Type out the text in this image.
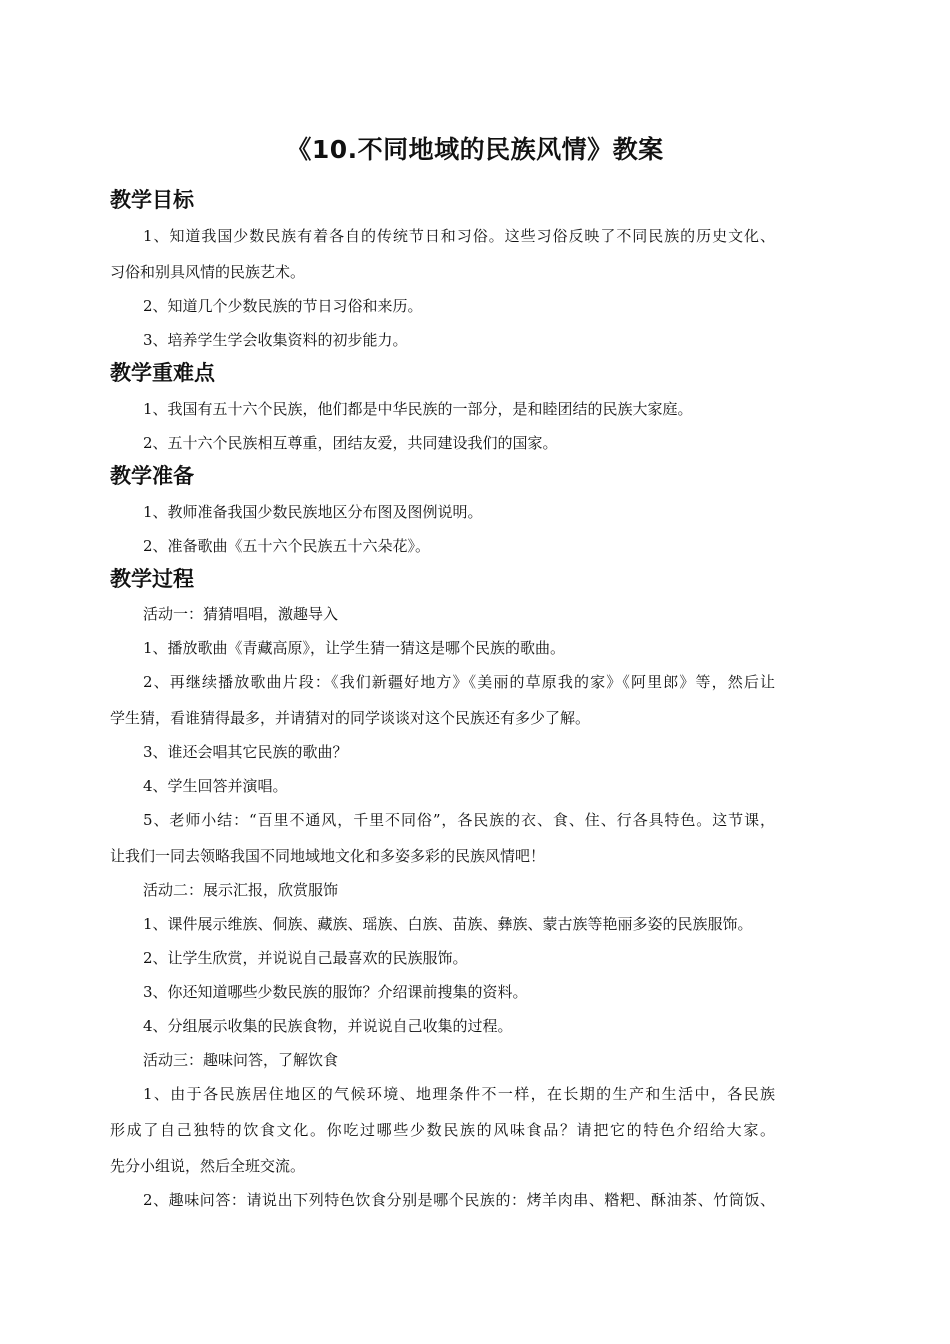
《10.不同地域的民族风情》教案
教学目标
1、知道我国少数民族有着各自的传统节日和习俗。这些习俗反映了不同民族的历史文化、
习俗和别具风情的民族艺术。
2、知道几个少数民族的节日习俗和来历。
3、培养学生学会收集资料的初步能力。
教学重难点
1、我国有五十六个民族，他们都是中华民族的一部分，是和睦团结的民族大家庭。
2、五十六个民族相互尊重，团结友爱，共同建设我们的国家。
教学准备
1、教师准备我国少数民族地区分布图及图例说明。
2、准备歌曲《五十六个民族五十六朵花》。
教学过程
活动一：猜猜唱唱，激趣导入
1、播放歌曲《青藏高原》，让学生猜一猜这是哪个民族的歌曲。
2、再继续播放歌曲片段：《我们新疆好地方》《美丽的草原我的家》《阿里郎》等，然后让
学生猜，看谁猜得最多，并请猜对的同学谈谈对这个民族还有多少了解。
3、谁还会唱其它民族的歌曲？
4、学生回答并演唱。
5、老师小结：“百里不通风，千里不同俗”，各民族的衣、食、住、行各具特色。这节课，
让我们一同去领略我国不同地域地文化和多姿多彩的民族风情吧！
活动二：展示汇报，欣赏服饰
1、课件展示维族、侗族、藏族、瑶族、白族、苗族、彝族、蒙古族等艳丽多姿的民族服饰。
2、让学生欣赏，并说说自己最喜欢的民族服饰。
3、你还知道哪些少数民族的服饰？介绍课前搜集的资料。
4、分组展示收集的民族食物，并说说自己收集的过程。
活动三：趣味问答，了解饮食
1、由于各民族居住地区的气候环境、地理条件不一样，在长期的生产和生活中，各民族
形成了自己独特的饮食文化。你吃过哪些少数民族的风味食品？请把它的特色介绍给大家。
先分小组说，然后全班交流。
2、趣味问答：请说出下列特色饮食分别是哪个民族的：烤羊肉串、糌粑、酥油茶、竹筒饭、
